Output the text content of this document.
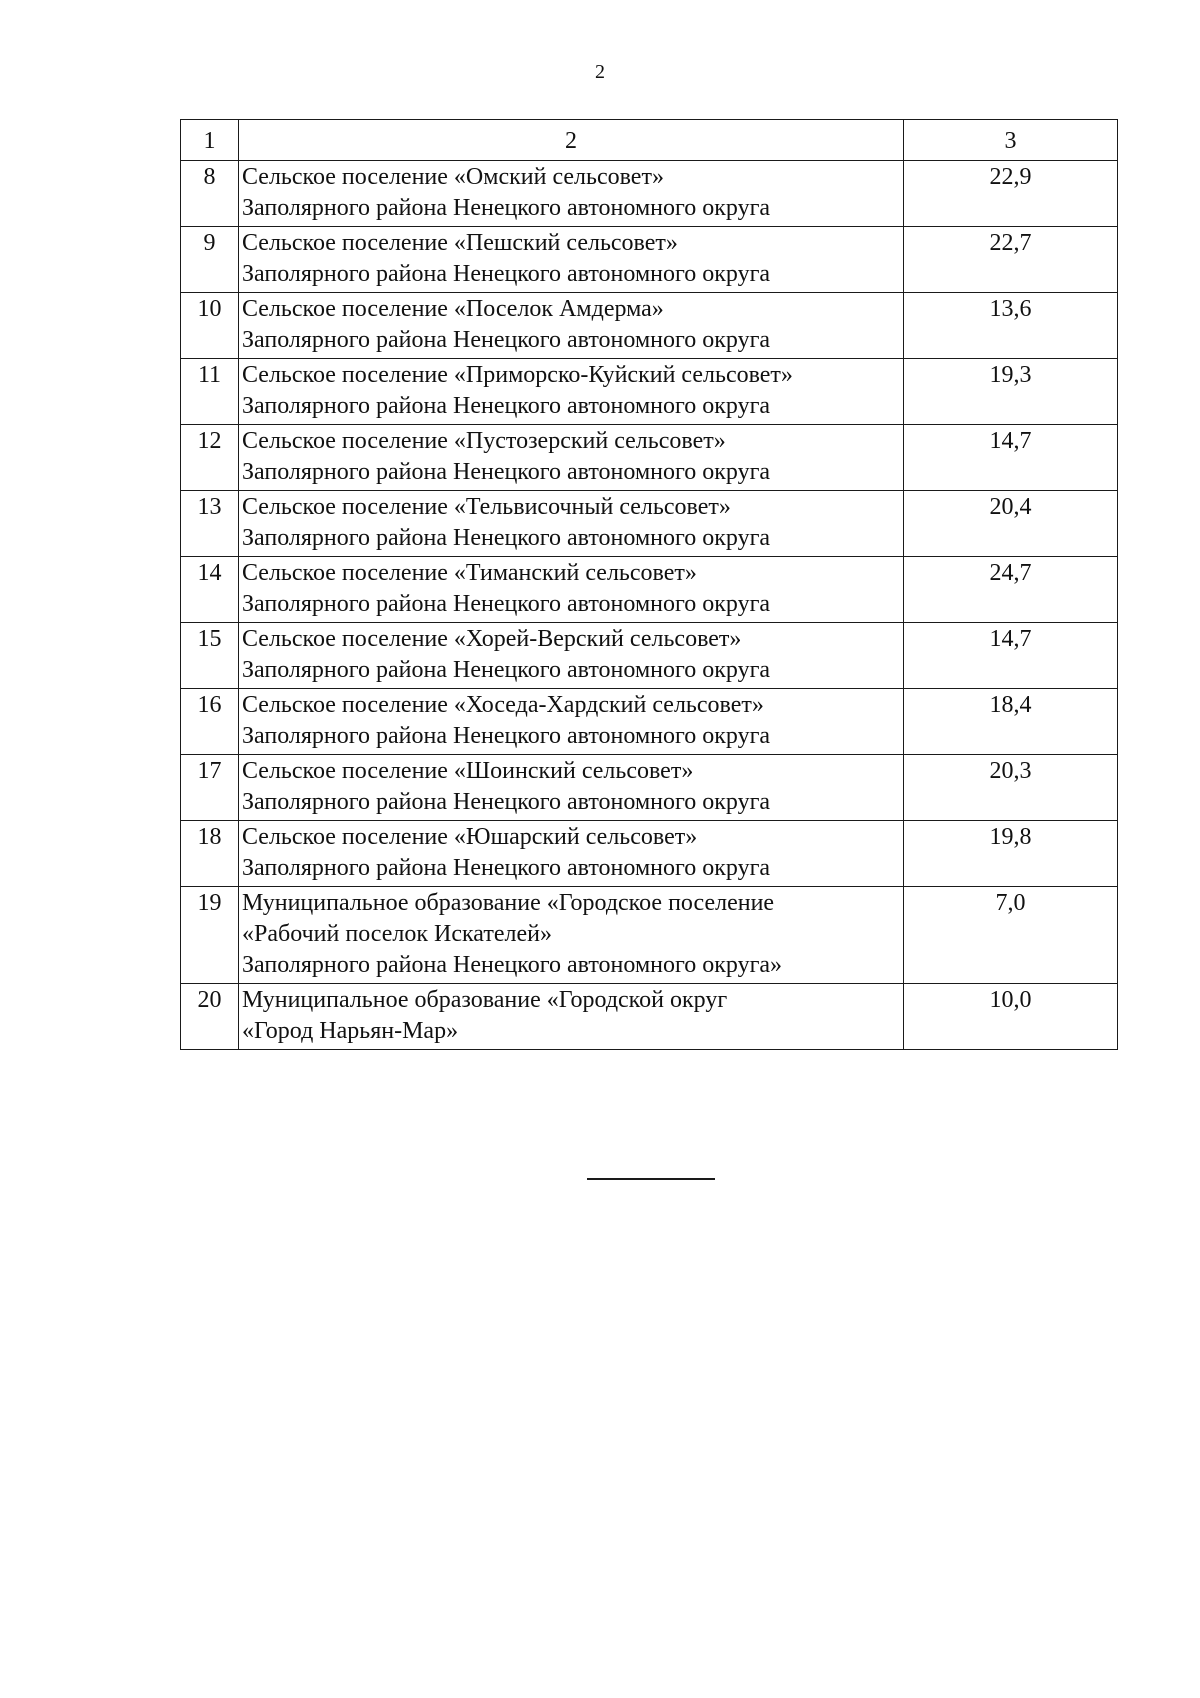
2
1	2	3
8	Сельское поселение «Омский сельсовет»
Заполярного района Ненецкого автономного округа	22,9
9	Сельское поселение «Пешский сельсовет»
Заполярного района Ненецкого автономного округа	22,7
10	Сельское поселение «Поселок Амдерма»
Заполярного района Ненецкого автономного округа	13,6
11	Сельское поселение «Приморско-Куйский сельсовет»
Заполярного района Ненецкого автономного округа	19,3
12	Сельское поселение «Пустозерский сельсовет»
Заполярного района Ненецкого автономного округа	14,7
13	Сельское поселение «Тельвисочный сельсовет»
Заполярного района Ненецкого автономного округа	20,4
14	Сельское поселение «Тиманский сельсовет»
Заполярного района Ненецкого автономного округа	24,7
15	Сельское поселение «Хорей-Верский сельсовет»
Заполярного района Ненецкого автономного округа	14,7
16	Сельское поселение «Хоседа-Хардский сельсовет»
Заполярного района Ненецкого автономного округа	18,4
17	Сельское поселение «Шоинский сельсовет»
Заполярного района Ненецкого автономного округа	20,3
18	Сельское поселение «Юшарский сельсовет»
Заполярного района Ненецкого автономного округа	19,8
19	Муниципальное образование «Городское поселение
«Рабочий поселок Искателей»
Заполярного района Ненецкого автономного округа»	7,0
20	Муниципальное образование «Городской округ
«Город Нарьян-Мар»	10,0
